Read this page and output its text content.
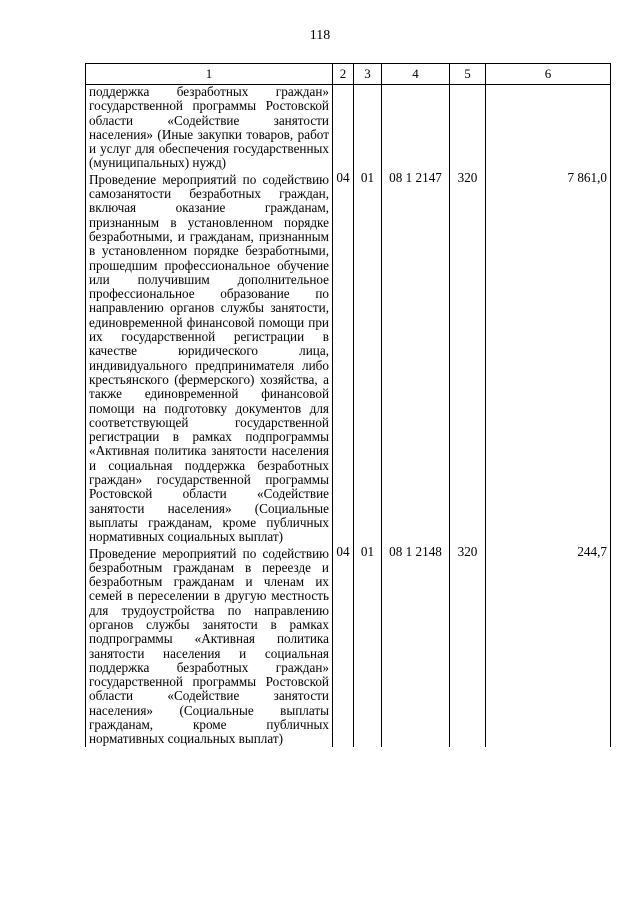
118
1	2	3	4	5	6
поддержка безработных граждан» государственной программы Ростовской области «Содействие занятости населения» (Иные закупки товаров, работ и услуг для обеспечения государственных (муниципальных) нужд)					
Проведение мероприятий по содействию самозанятости безработных граждан, включая оказание гражданам, признанным в установленном порядке безработными, и гражданам, признанным в установленном порядке безработными, прошедшим профессиональное обучение или получившим дополнительное профессиональное образование по направлению органов службы занятости, единовременной финансовой помощи при их государственной регистрации в качестве юридического лица, индивидуального предпринимателя либо крестьянского (фермерского) хозяйства, а также единовременной финансовой помощи на подготовку документов для соответствующей государственной регистрации в рамках подпрограммы «Активная политика занятости населения и социальная поддержка безработных граждан» государственной программы Ростовской области «Содействие занятости населения» (Социальные выплаты гражданам, кроме публичных нормативных социальных выплат)	04	01	08 1 2147	320	7 861,0
Проведение мероприятий по содействию безработным гражданам в переезде и безработным гражданам и членам их семей в переселении в другую местность для трудоустройства по направлению органов службы занятости в рамках подпрограммы «Активная политика занятости населения и социальная поддержка безработных граждан» государственной программы Ростовской области «Содействие занятости населения» (Социальные выплаты гражданам, кроме публичных нормативных социальных выплат)	04	01	08 1 2148	320	244,7
